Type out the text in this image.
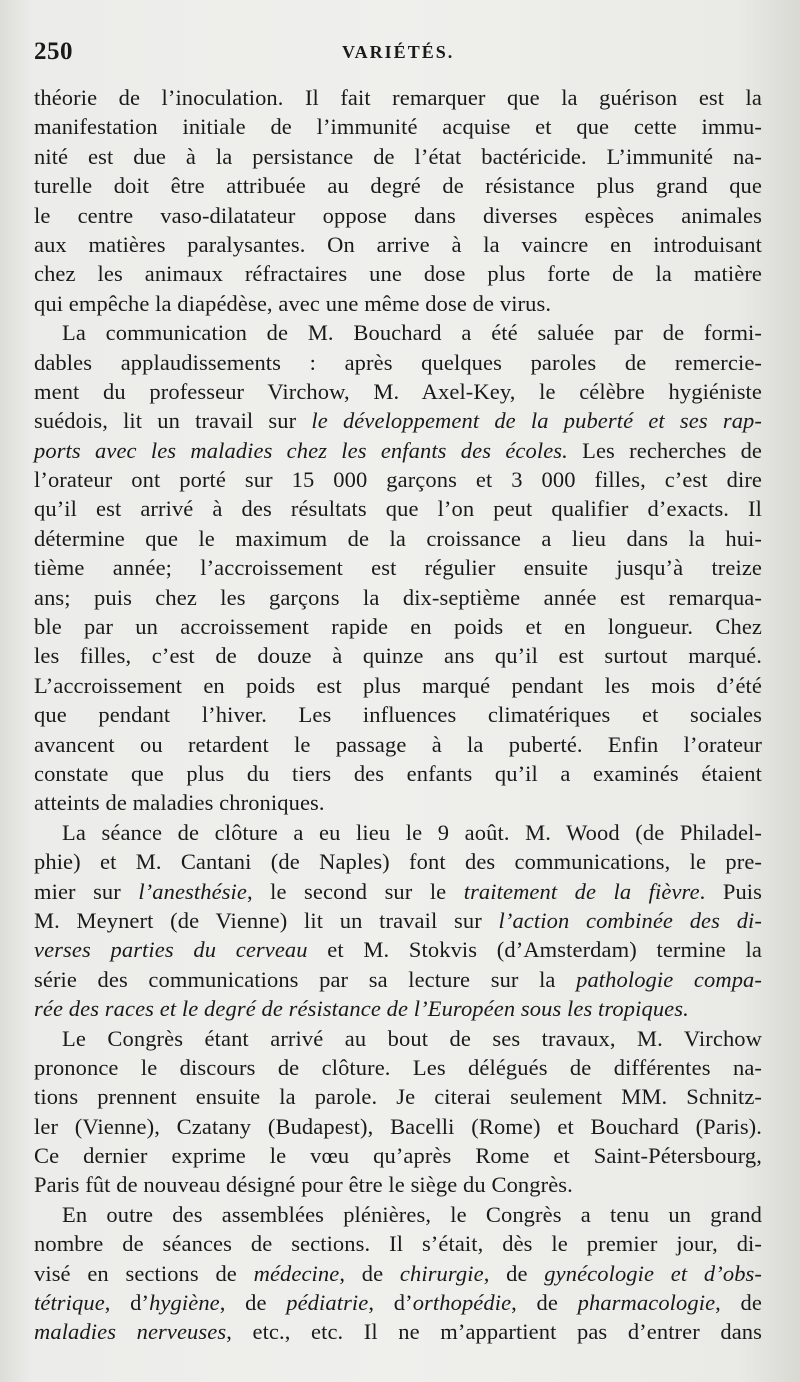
250	VARIÉTÉS.
théorie de l’inoculation. Il fait remarquer que la guérison est la
manifestation initiale de l’immunité acquise et que cette immu-
nité est due à la persistance de l’état bactéricide. L’immunité na-
turelle doit être attribuée au degré de résistance plus grand que
le centre vaso-dilatateur oppose dans diverses espèces animales
aux matières paralysantes. On arrive à la vaincre en introduisant
chez les animaux réfractaires une dose plus forte de la matière
qui empêche la diapédèse, avec une même dose de virus.
La communication de M. Bouchard a été saluée par de formi-
dables applaudissements : après quelques paroles de remercie-
ment du professeur Virchow, M. Axel-Key, le célèbre hygiéniste
suédois, lit un travail sur le développement de la puberté et ses rap-
ports avec les maladies chez les enfants des écoles. Les recherches de
l’orateur ont porté sur 15 000 garçons et 3 000 filles, c’est dire
qu’il est arrivé à des résultats que l’on peut qualifier d’exacts. Il
détermine que le maximum de la croissance a lieu dans la hui-
tième année; l’accroissement est régulier ensuite jusqu’à treize
ans; puis chez les garçons la dix-septième année est remarqua-
ble par un accroissement rapide en poids et en longueur. Chez
les filles, c’est de douze à quinze ans qu’il est surtout marqué.
L’accroissement en poids est plus marqué pendant les mois d’été
que pendant l’hiver. Les influences climatériques et sociales
avancent ou retardent le passage à la puberté. Enfin l’orateur
constate que plus du tiers des enfants qu’il a examinés étaient
atteints de maladies chroniques.
La séance de clôture a eu lieu le 9 août. M. Wood (de Philadel-
phie) et M. Cantani (de Naples) font des communications, le pre-
mier sur l’anesthésie, le second sur le traitement de la fièvre. Puis
M. Meynert (de Vienne) lit un travail sur l’action combinée des di-
verses parties du cerveau et M. Stokvis (d’Amsterdam) termine la
série des communications par sa lecture sur la pathologie compa-
rée des races et le degré de résistance de l’Européen sous les tropiques.
Le Congrès étant arrivé au bout de ses travaux, M. Virchow
prononce le discours de clôture. Les délégués de différentes na-
tions prennent ensuite la parole. Je citerai seulement MM. Schnitz-
ler (Vienne), Czatany (Budapest), Bacelli (Rome) et Bouchard (Paris).
Ce dernier exprime le vœu qu’après Rome et Saint-Pétersbourg,
Paris fût de nouveau désigné pour être le siège du Congrès.
En outre des assemblées plénières, le Congrès a tenu un grand
nombre de séances de sections. Il s’était, dès le premier jour, di-
visé en sections de médecine, de chirurgie, de gynécologie et d’obs-
tétrique, d’hygiène, de pédiatrie, d’orthopédie, de pharmacologie, de
maladies nerveuses, etc., etc. Il ne m’appartient pas d’entrer dans
